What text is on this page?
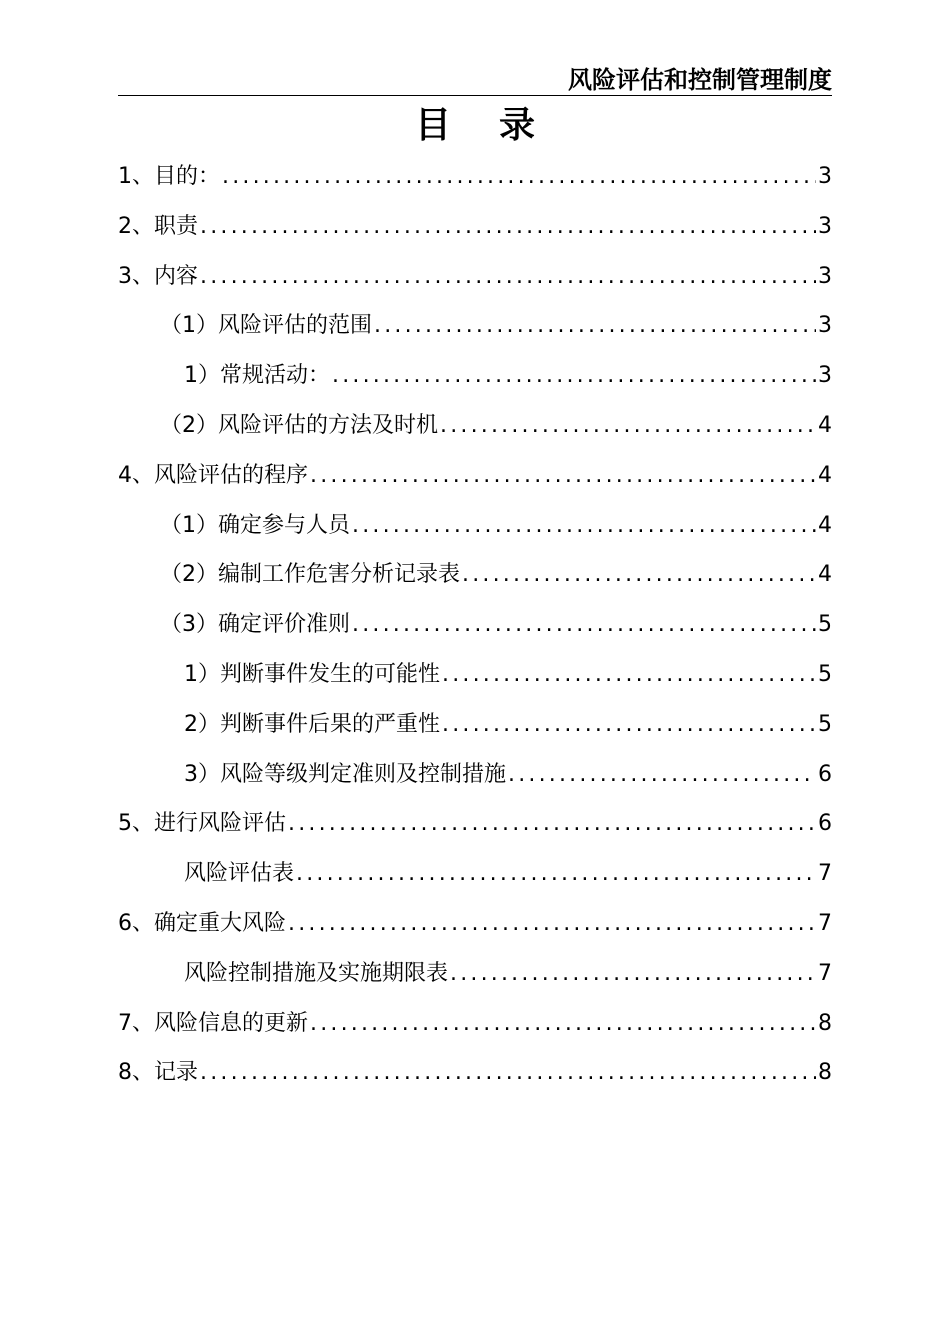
风险评估和控制管理制度
目录
1、目的： .....	3
2、职责 .....	3
3、内容 .....	3
（1）风险评估的范围 .....	3
1）常规活动： .....	3
（2）风险评估的方法及时机 .....	4
4、风险评估的程序 .....	4
（1）确定参与人员 .....	4
（2）编制工作危害分析记录表 .....	4
（3）确定评价准则 .....	5
1）判断事件发生的可能性 .....	5
2）判断事件后果的严重性 .....	5
3）风险等级判定准则及控制措施 .....	6
5、进行风险评估 .....	6
风险评估表 .....	7
6、确定重大风险 .....	7
风险控制措施及实施期限表 .....	7
7、风险信息的更新 .....	8
8、记录 .....	8
